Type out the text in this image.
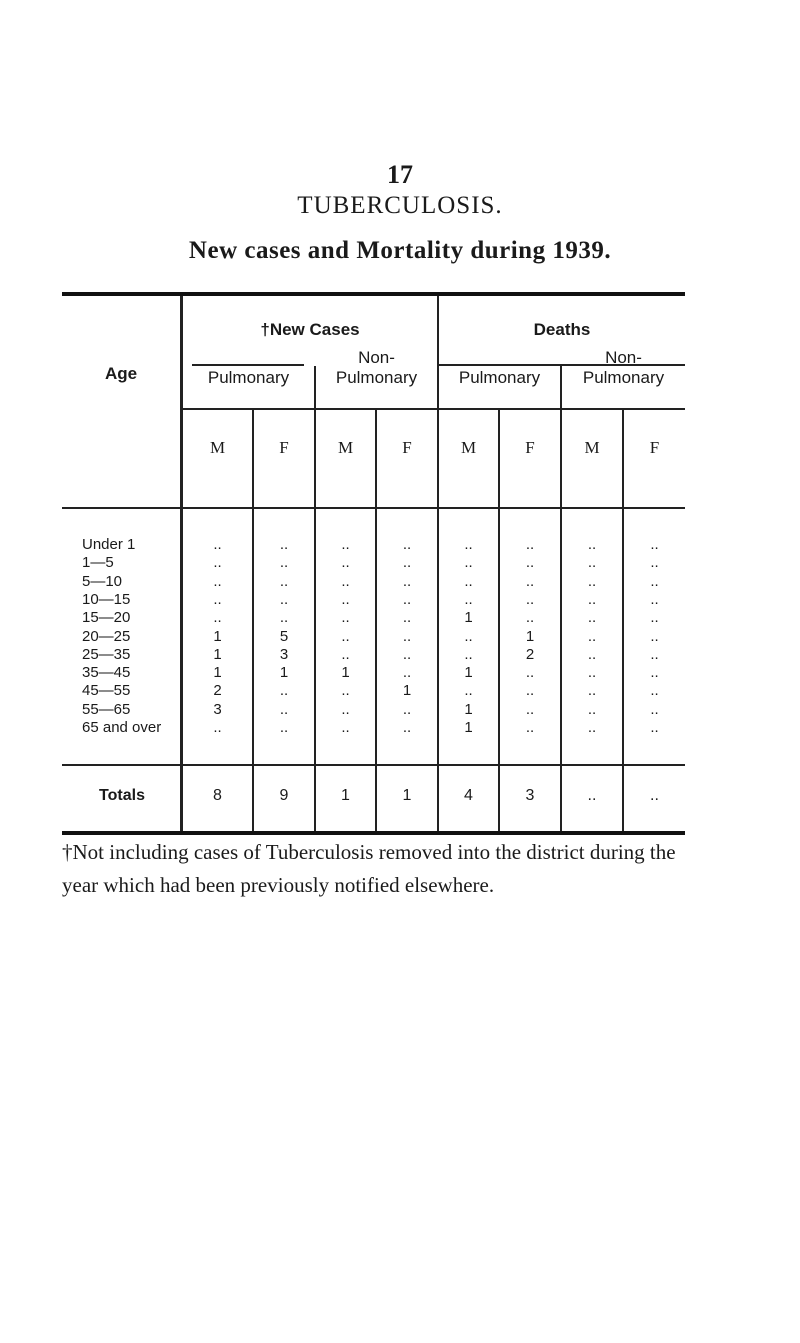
17
TUBERCULOSIS.
New cases and Mortality during 1939.
Age
†New Cases	Deaths
Pulmonary
Non-
Pulmonary	Pulmonary
Non-
Pulmonary
M	F	M	F	M	F	M	F
Under 1	..	..	..	..	..	..	..	..
1—5	..	..	..	..	..	..	..	..
5—10	..	..	..	..	..	..	..	..
10—15	..	..	..	..	..	..	..	..
15—20	..	..	..	..	1	..	..	..
20—25	1	5	..	..	..	1	..	..
25—35	1	3	..	..	..	2	..	..
35—45	1	1	1	..	1	..	..	..
45—55	2	..	..	1	..	..	..	..
55—65	3	..	..	..	1	..	..	..
65 and over	..	..	..	..	1	..	..	..
Totals	8	9	1	1	4	3	..	..
†Not including cases of Tuberculosis removed into the district during the year which had been previously notified elsewhere.
